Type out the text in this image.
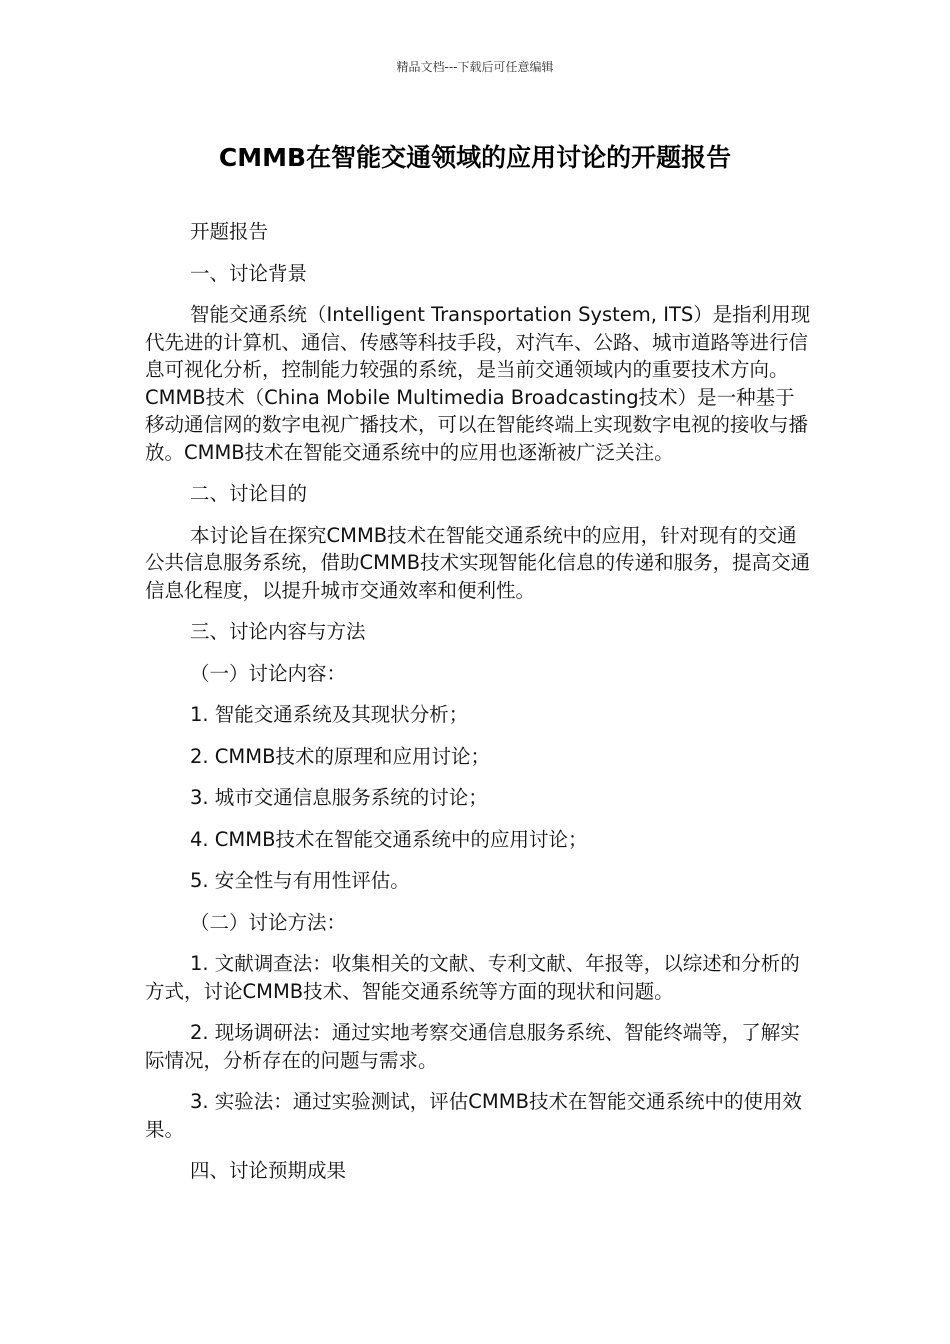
精品文档---下载后可任意编辑
CMMB在智能交通领域的应用讨论的开题报告

开题报告

一、讨论背景

智能交通系统（Intelligent Transportation System, ITS）是指利用现代先进的计算机、通信、传感等科技手段，对汽车、公路、城市道路等进行信息可视化分析，控制能力较强的系统，是当前交通领域内的重要技术方向。CMMB技术（China Mobile Multimedia Broadcasting技术）是一种基于移动通信网的数字电视广播技术，可以在智能终端上实现数字电视的接收与播放。CMMB技术在智能交通系统中的应用也逐渐被广泛关注。

二、讨论目的

本讨论旨在探究CMMB技术在智能交通系统中的应用，针对现有的交通公共信息服务系统，借助CMMB技术实现智能化信息的传递和服务，提高交通信息化程度，以提升城市交通效率和便利性。

三、讨论内容与方法

（一）讨论内容：

1. 智能交通系统及其现状分析；

2. CMMB技术的原理和应用讨论；

3. 城市交通信息服务系统的讨论；

4. CMMB技术在智能交通系统中的应用讨论；

5. 安全性与有用性评估。

（二）讨论方法：

1. 文献调查法：收集相关的文献、专利文献、年报等，以综述和分析的方式，讨论CMMB技术、智能交通系统等方面的现状和问题。

2. 现场调研法：通过实地考察交通信息服务系统、智能终端等，了解实际情况，分析存在的问题与需求。

3. 实验法：通过实验测试，评估CMMB技术在智能交通系统中的使用效果。

四、讨论预期成果
